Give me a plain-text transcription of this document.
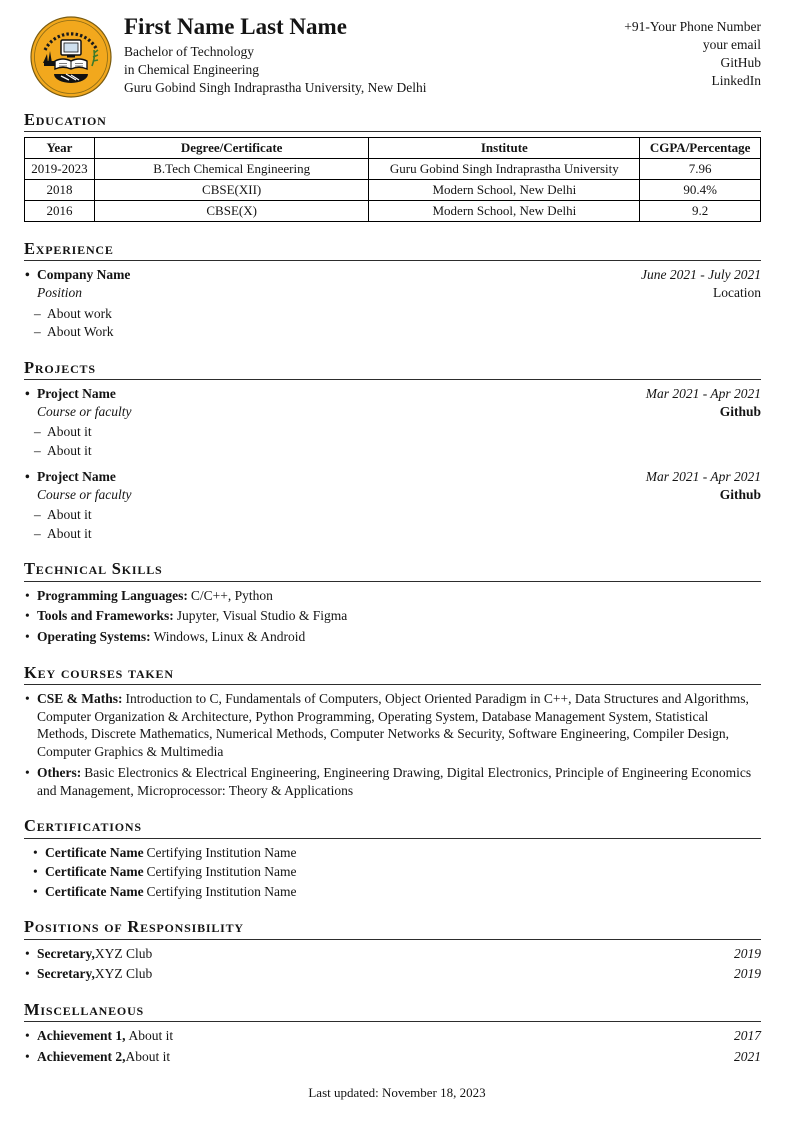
First Name Last Name
Bachelor of Technology
in Chemical Engineering
Guru Gobind Singh Indraprastha University, New Delhi
+91-Your Phone Number
your email
GitHub
LinkedIn
Education
Year	Degree/Certificate	Institute	CGPA/Percentage
2019-2023	B.Tech Chemical Engineering	Guru Gobind Singh Indraprastha University	7.96
2018	CBSE(XII)	Modern School, New Delhi	90.4%
2016	CBSE(X)	Modern School, New Delhi	9.2
Experience
• Company Name	June 2021 - July 2021
Position	Location
– About work
– About Work
Projects
• Project Name	Mar 2021 - Apr 2021
Course or faculty	Github
– About it
– About it
• Project Name	Mar 2021 - Apr 2021
Course or faculty	Github
– About it
– About it
Technical Skills
• Programming Languages: C/C++, Python
• Tools and Frameworks: Jupyter, Visual Studio & Figma
• Operating Systems: Windows, Linux & Android
Key courses taken
• CSE & Maths: Introduction to C, Fundamentals of Computers, Object Oriented Paradigm in C++, Data Structures and Algorithms, Computer Organization & Architecture, Python Programming, Operating System, Database Management System, Statistical Methods, Discrete Mathematics, Numerical Methods, Computer Networks & Security, Software Engineering, Compiler Design, Computer Graphics & Multimedia
• Others: Basic Electronics & Electrical Engineering, Engineering Drawing, Digital Electronics, Principle of Engineering Economics and Management, Microprocessor: Theory & Applications
Certifications
• Certificate Name Certifying Institution Name
• Certificate Name Certifying Institution Name
• Certificate Name Certifying Institution Name
Positions of Responsibility
• Secretary,XYZ Club	2019
• Secretary,XYZ Club	2019
Miscellaneous
• Achievement 1, About it	2017
• Achievement 2,About it	2021
Last updated: November 18, 2023
